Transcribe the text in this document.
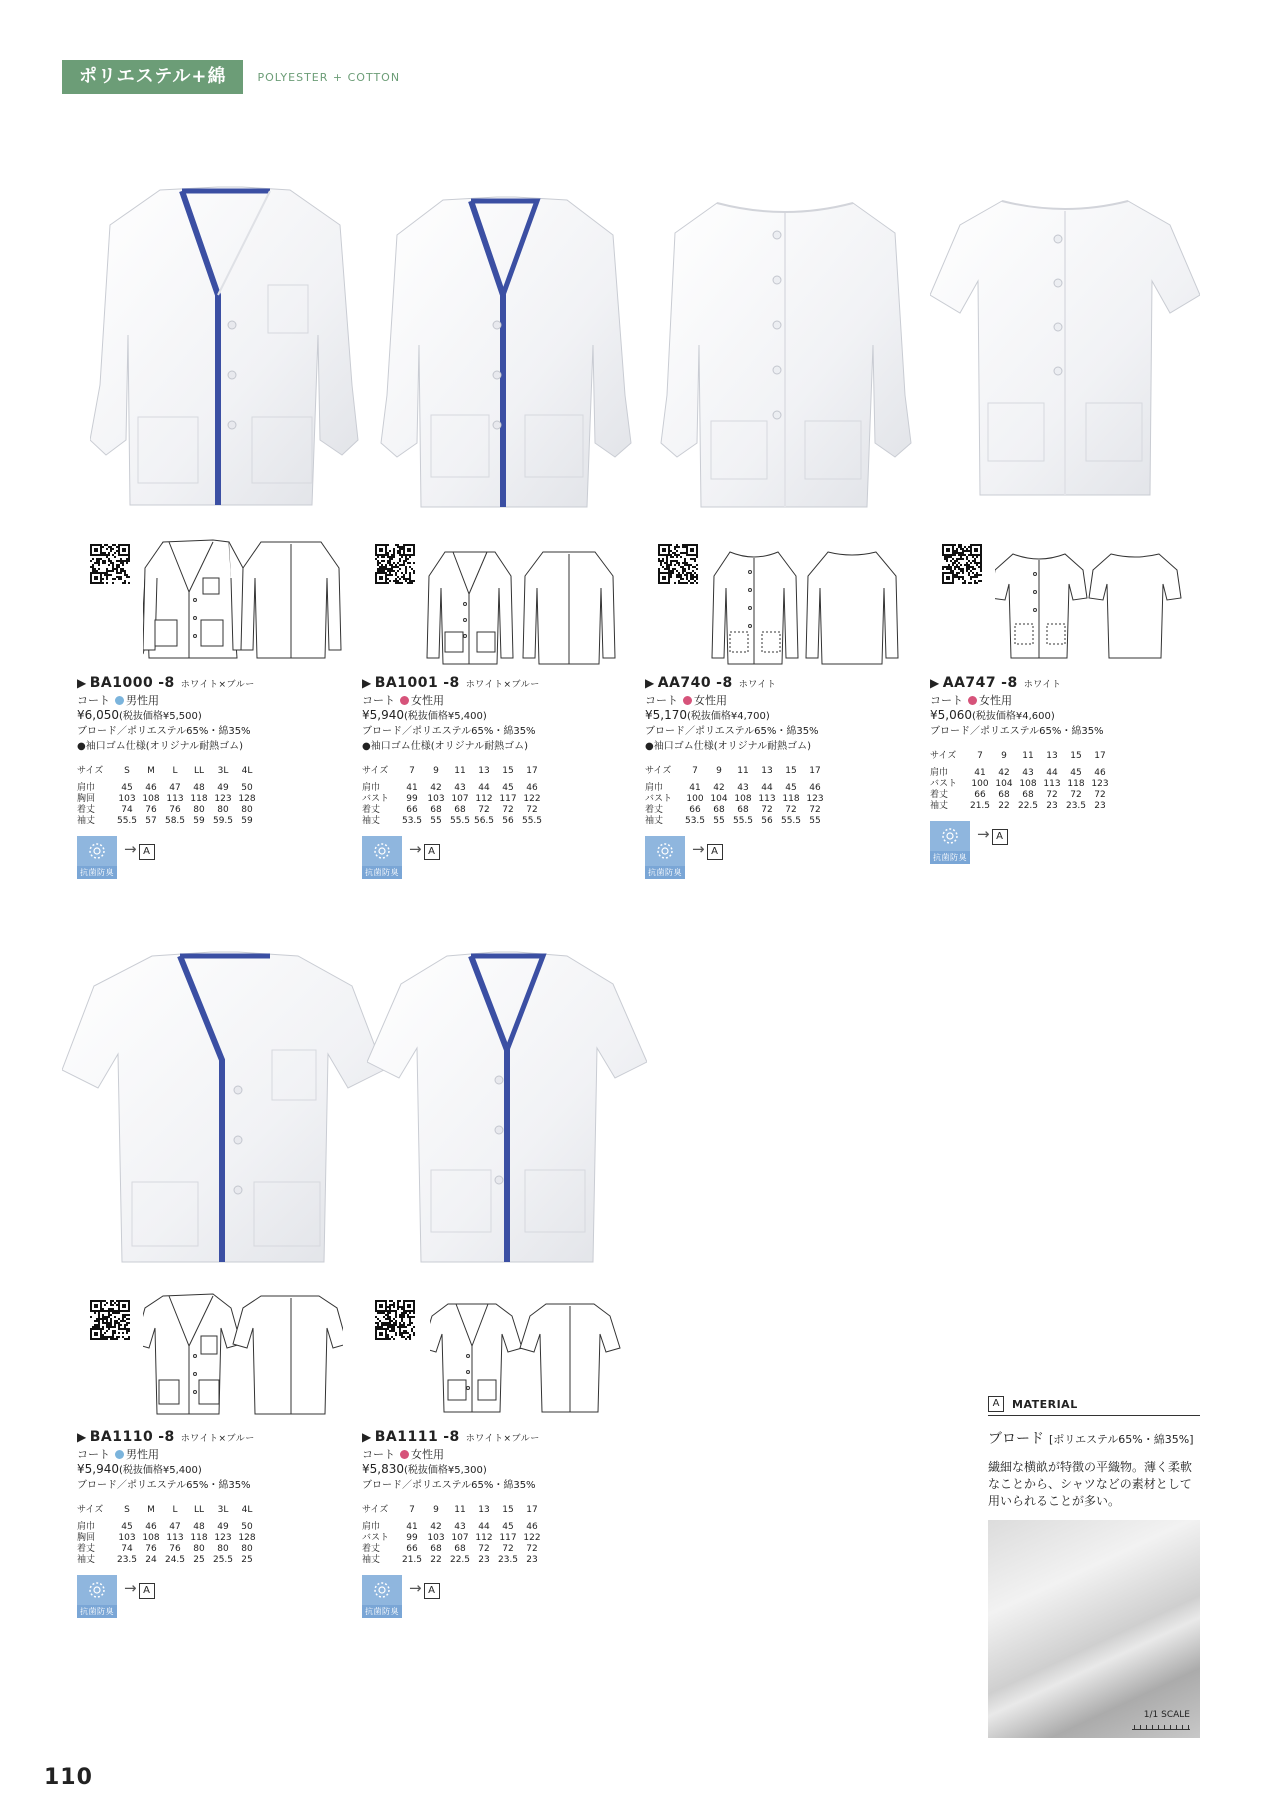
ポリエステル+綿	POLYESTER + COTTON
▶ BA1000 -8 ホワイト×ブルー
コート 男性用
¥6,050(税抜価格¥5,500)
ブロード／ポリエステル65%・綿35%
●袖口ゴム仕様(オリジナル耐熱ゴム)
サイズ	S	M	L	LL	3L	4L
肩巾	45	46	47	48	49	50
胸回	103	108	113	118	123	128
着丈	74	76	76	80	80	80
袖丈	55.5	57	58.5	59	59.5	59
抗菌防臭
→ A
▶ BA1001 -8 ホワイト×ブルー
コート 女性用
¥5,940(税抜価格¥5,400)
ブロード／ポリエステル65%・綿35%
●袖口ゴム仕様(オリジナル耐熱ゴム)
サイズ	7	9	11	13	15	17
肩巾	41	42	43	44	45	46
バスト	99	103	107	112	117	122
着丈	66	68	68	72	72	72
袖丈	53.5	55	55.5	56.5	56	55.5
抗菌防臭
→ A
▶ AA740 -8 ホワイト
コート 女性用
¥5,170(税抜価格¥4,700)
ブロード／ポリエステル65%・綿35%
●袖口ゴム仕様(オリジナル耐熱ゴム)
サイズ	7	9	11	13	15	17
肩巾	41	42	43	44	45	46
バスト	100	104	108	113	118	123
着丈	66	68	68	72	72	72
袖丈	53.5	55	55.5	56	55.5	55
抗菌防臭
→ A
▶ AA747 -8 ホワイト
コート 女性用
¥5,060(税抜価格¥4,600)
ブロード／ポリエステル65%・綿35%
サイズ	7	9	11	13	15	17
肩巾	41	42	43	44	45	46
バスト	100	104	108	113	118	123
着丈	66	68	68	72	72	72
袖丈	21.5	22	22.5	23	23.5	23
抗菌防臭
→ A
▶ BA1110 -8 ホワイト×ブルー
コート 男性用
¥5,940(税抜価格¥5,400)
ブロード／ポリエステル65%・綿35%
サイズ	S	M	L	LL	3L	4L
肩巾	45	46	47	48	49	50
胸回	103	108	113	118	123	128
着丈	74	76	76	80	80	80
袖丈	23.5	24	24.5	25	25.5	25
抗菌防臭
→ A
▶ BA1111 -8 ホワイト×ブルー
コート 女性用
¥5,830(税抜価格¥5,300)
ブロード／ポリエステル65%・綿35%
サイズ	7	9	11	13	15	17
肩巾	41	42	43	44	45	46
バスト	99	103	107	112	117	122
着丈	66	68	68	72	72	72
袖丈	21.5	22	22.5	23	23.5	23
抗菌防臭
→ A
A	MATERIAL
ブロード [ポリエステル65%・綿35%]
繊細な横畝が特徴の平織物。薄く柔軟なことから、シャツなどの素材として用いられることが多い。
1/1 SCALE
110
